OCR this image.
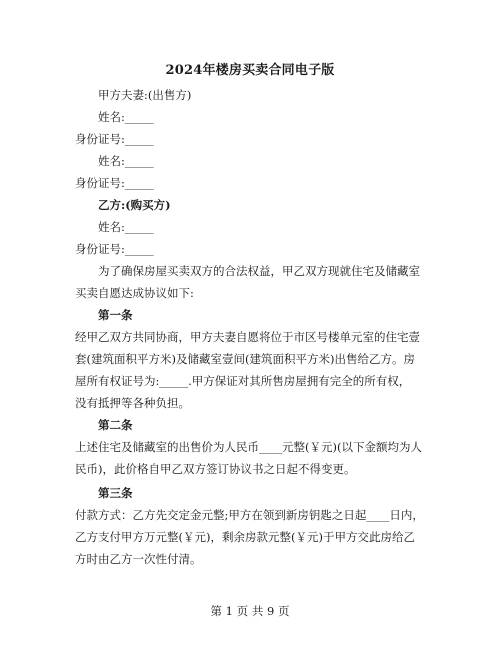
2024年楼房买卖合同电子版
甲方夫妻:(出售方)
姓名:_____
身份证号:_____
姓名:_____
身份证号:_____
乙方:(购买方)
姓名:_____
身份证号:_____
为了确保房屋买卖双方的合法权益，甲乙双方现就住宅及储藏室
买卖自愿达成协议如下:
第一条
经甲乙双方共同协商，甲方夫妻自愿将位于市区号楼单元室的住宅壹
套(建筑面积平方米)及储藏室壹间(建筑面积平方米)出售给乙方。房
屋所有权证号为:_____.甲方保证对其所售房屋拥有完全的所有权，
没有抵押等各种负担。
第二条
上述住宅及储藏室的出售价为人民币____元整(￥元)(以下金额均为人
民币)，此价格自甲乙双方签订协议书之日起不得变更。
第三条
付款方式：乙方先交定金元整;甲方在领到新房钥匙之日起____日内，
乙方支付甲方万元整(￥元)，剩余房款元整(￥元)于甲方交此房给乙
方时由乙方一次性付清。
第 1 页 共 9 页
